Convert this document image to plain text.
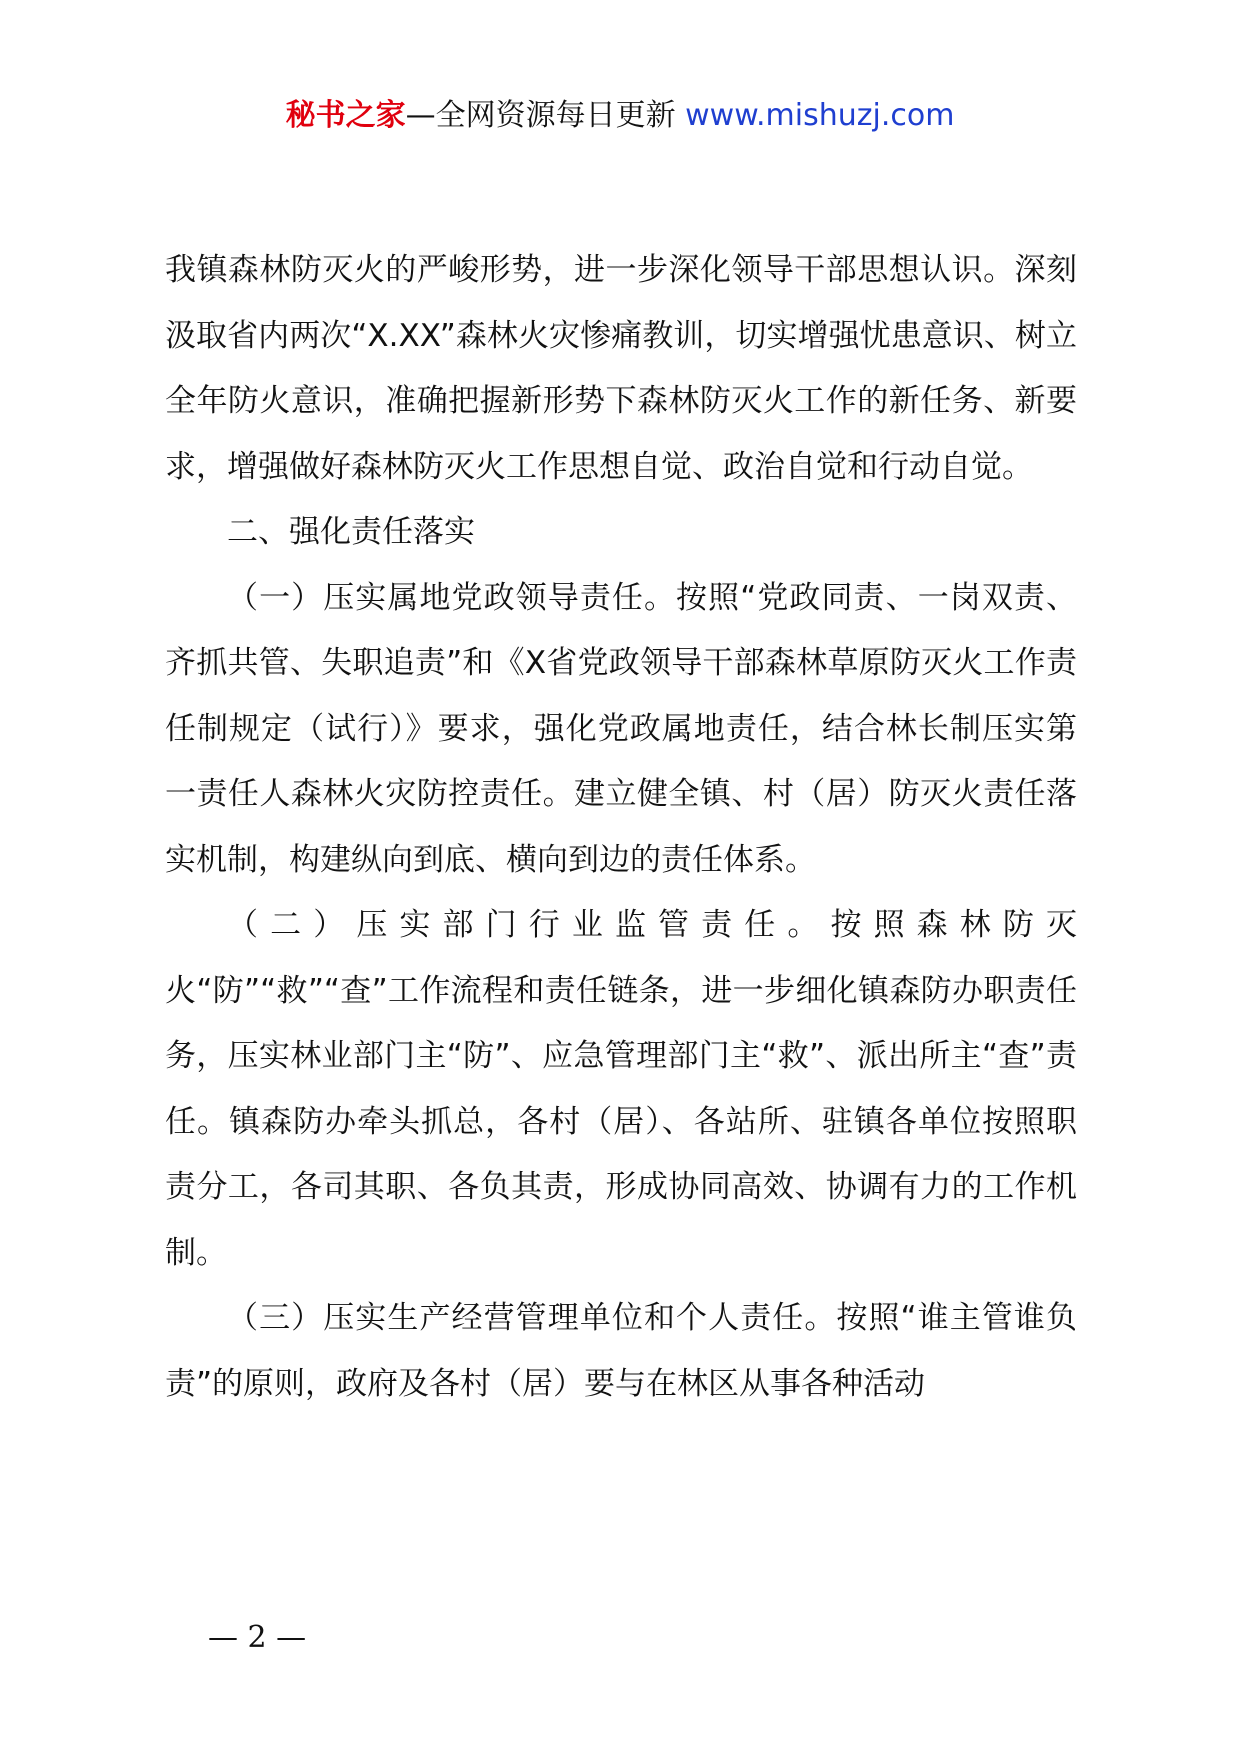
秘书之家—全网资源每日更新 www.mishuzj.com

我镇森林防灭火的严峻形势，进一步深化领导干部思想认识。深刻汲取省内两次“X.XX”森林火灾惨痛教训，切实增强忧患意识、树立全年防火意识，准确把握新形势下森林防灭火工作的新任务、新要求，增强做好森林防灭火工作思想自觉、政治自觉和行动自觉。

二、强化责任落实

（一）压实属地党政领导责任。按照“党政同责、一岗双责、齐抓共管、失职追责”和《X省党政领导干部森林草原防灭火工作责任制规定（试行）》要求，强化党政属地责任，结合林长制压实第一责任人森林火灾防控责任。建立健全镇、村（居）防灭火责任落实机制，构建纵向到底、横向到边的责任体系。

（二）压实部门行业监管责任。按照森林防灭火“防”“救”“查”工作流程和责任链条，进一步细化镇森防办职责任务，压实林业部门主“防”、应急管理部门主“救”、派出所主“查”责任。镇森防办牵头抓总，各村（居）、各站所、驻镇各单位按照职责分工，各司其职、各负其责，形成协同高效、协调有力的工作机制。

（三）压实生产经营管理单位和个人责任。按照“谁主管谁负责”的原则，政府及各村（居）要与在林区从事各种活动

— 2 —
